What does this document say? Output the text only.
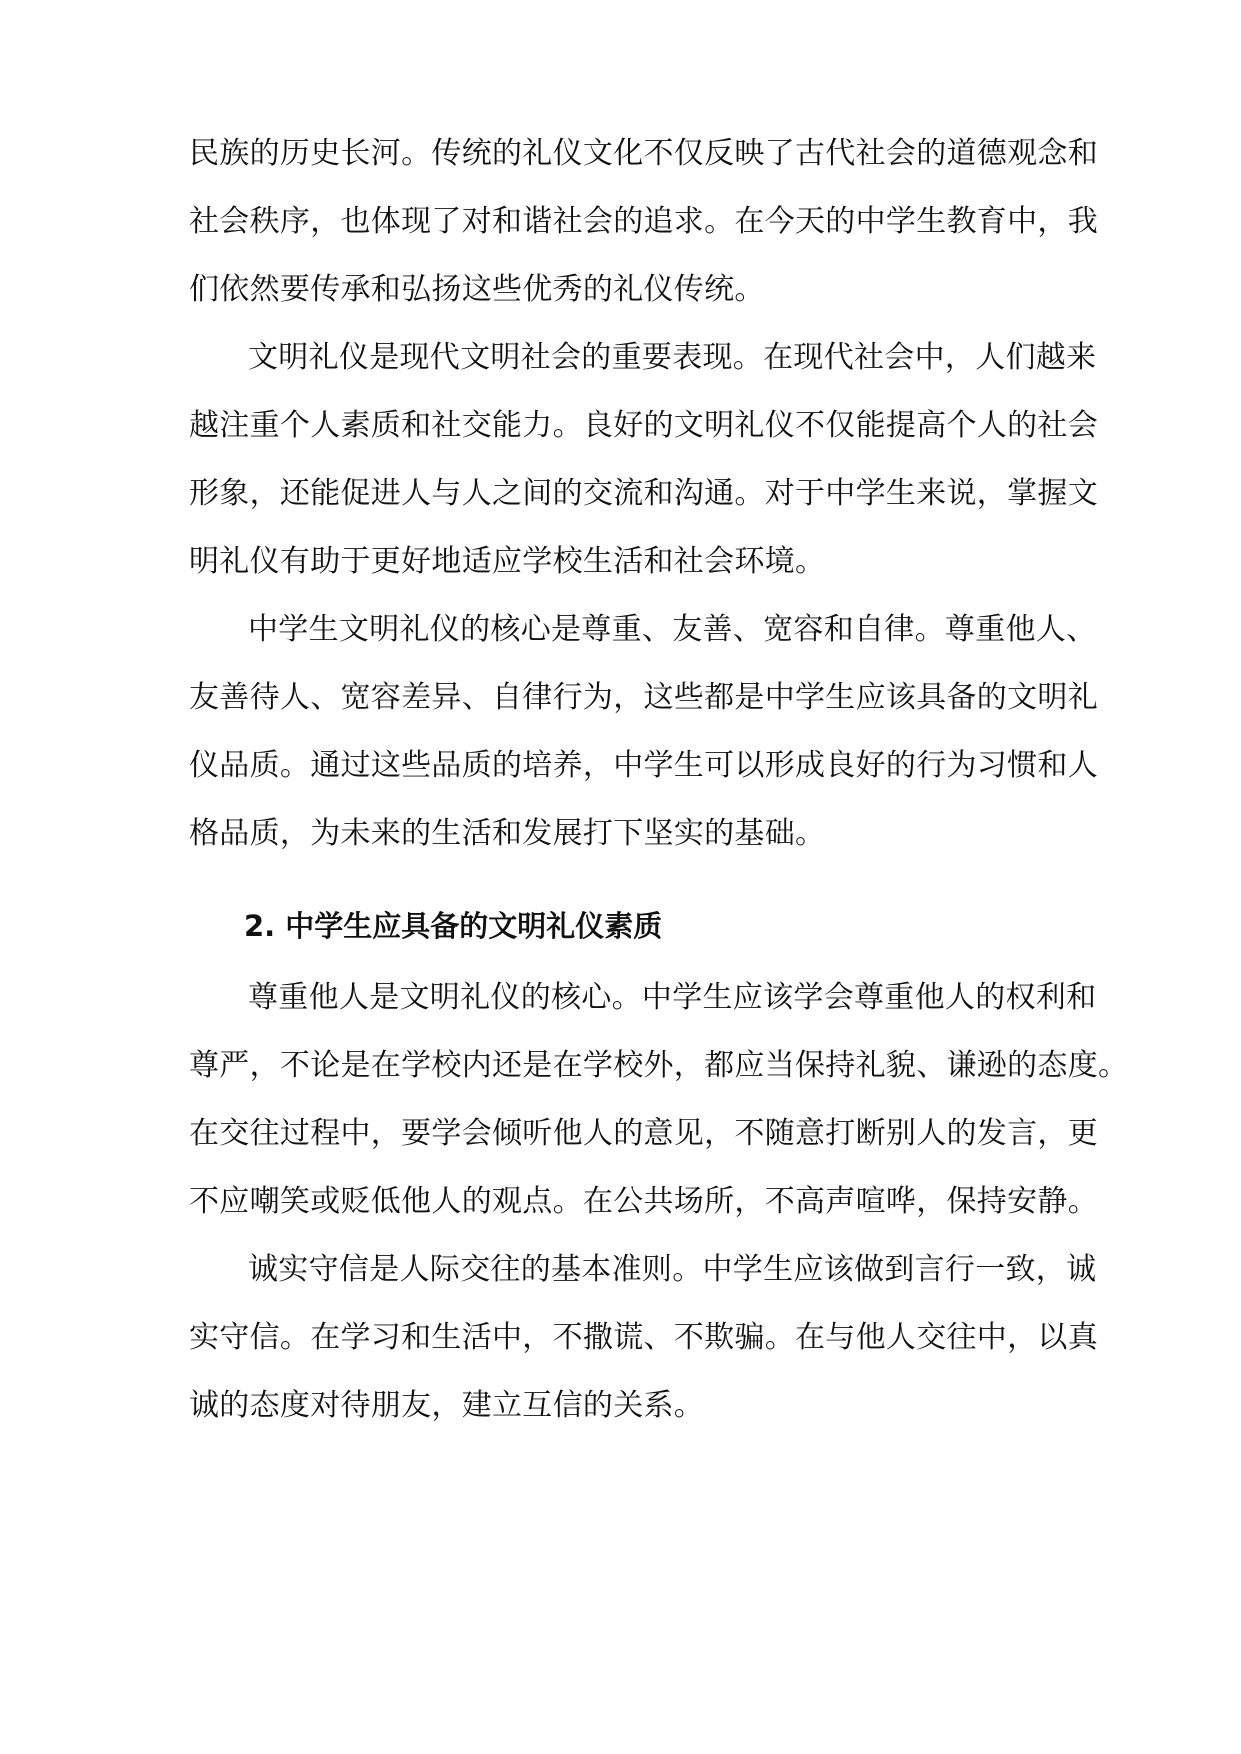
民族的历史长河。传统的礼仪文化不仅反映了古代社会的道德观念和
社会秩序，也体现了对和谐社会的追求。在今天的中学生教育中，我
们依然要传承和弘扬这些优秀的礼仪传统。
文明礼仪是现代文明社会的重要表现。在现代社会中，人们越来
越注重个人素质和社交能力。良好的文明礼仪不仅能提高个人的社会
形象，还能促进人与人之间的交流和沟通。对于中学生来说，掌握文
明礼仪有助于更好地适应学校生活和社会环境。
中学生文明礼仪的核心是尊重、友善、宽容和自律。尊重他人、
友善待人、宽容差异、自律行为，这些都是中学生应该具备的文明礼
仪品质。通过这些品质的培养，中学生可以形成良好的行为习惯和人
格品质，为未来的生活和发展打下坚实的基础。
2. 中学生应具备的文明礼仪素质
尊重他人是文明礼仪的核心。中学生应该学会尊重他人的权利和
尊严，不论是在学校内还是在学校外，都应当保持礼貌、谦逊的态度。
在交往过程中，要学会倾听他人的意见，不随意打断别人的发言，更
不应嘲笑或贬低他人的观点。在公共场所，不高声喧哗，保持安静。
诚实守信是人际交往的基本准则。中学生应该做到言行一致，诚
实守信。在学习和生活中，不撒谎、不欺骗。在与他人交往中，以真
诚的态度对待朋友，建立互信的关系。
